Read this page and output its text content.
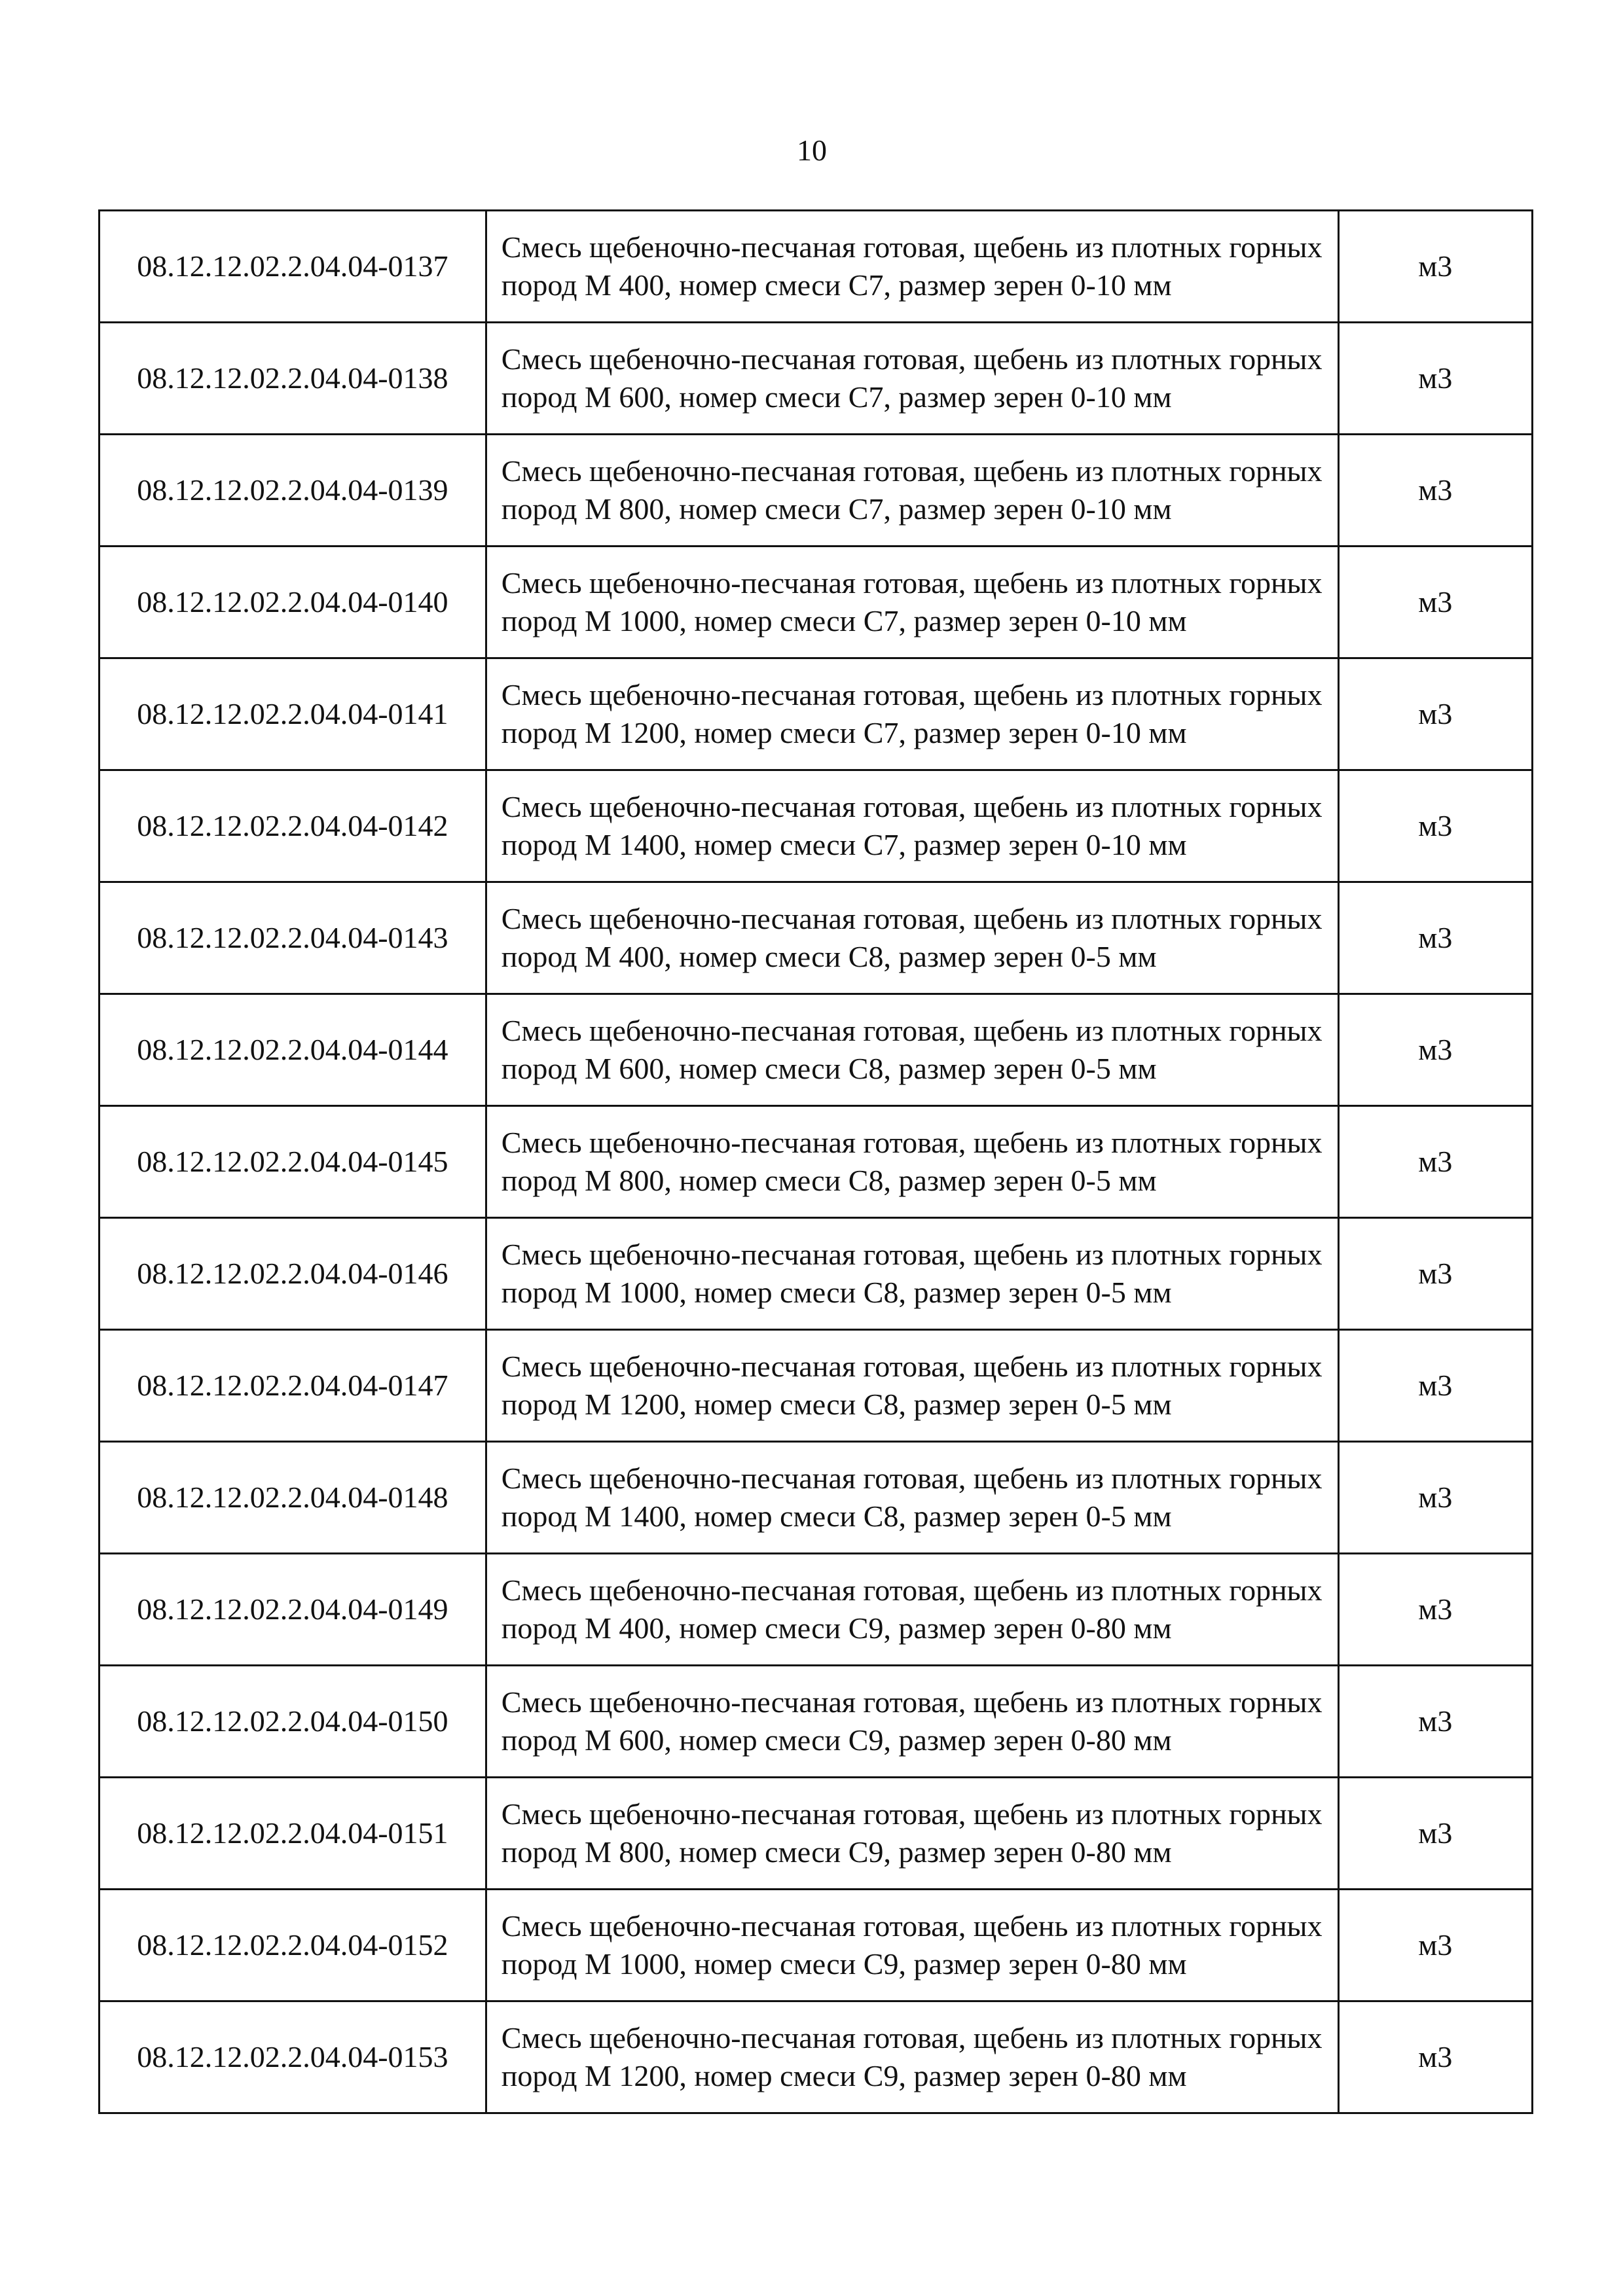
10
08.12.12.02.2.04.04-0137	Смесь щебеночно-песчаная готовая, щебень из плотных горных пород М 400, номер смеси С7, размер зерен 0-10 мм	м3
08.12.12.02.2.04.04-0138	Смесь щебеночно-песчаная готовая, щебень из плотных горных пород М 600, номер смеси С7, размер зерен 0-10 мм	м3
08.12.12.02.2.04.04-0139	Смесь щебеночно-песчаная готовая, щебень из плотных горных пород М 800, номер смеси С7, размер зерен 0-10 мм	м3
08.12.12.02.2.04.04-0140	Смесь щебеночно-песчаная готовая, щебень из плотных горных пород М 1000, номер смеси С7, размер зерен 0-10 мм	м3
08.12.12.02.2.04.04-0141	Смесь щебеночно-песчаная готовая, щебень из плотных горных пород М 1200, номер смеси С7, размер зерен 0-10 мм	м3
08.12.12.02.2.04.04-0142	Смесь щебеночно-песчаная готовая, щебень из плотных горных пород М 1400, номер смеси С7, размер зерен 0-10 мм	м3
08.12.12.02.2.04.04-0143	Смесь щебеночно-песчаная готовая, щебень из плотных горных пород М 400, номер смеси С8, размер зерен 0-5 мм	м3
08.12.12.02.2.04.04-0144	Смесь щебеночно-песчаная готовая, щебень из плотных горных пород М 600, номер смеси С8, размер зерен 0-5 мм	м3
08.12.12.02.2.04.04-0145	Смесь щебеночно-песчаная готовая, щебень из плотных горных пород М 800, номер смеси С8, размер зерен 0-5 мм	м3
08.12.12.02.2.04.04-0146	Смесь щебеночно-песчаная готовая, щебень из плотных горных пород М 1000, номер смеси С8, размер зерен 0-5 мм	м3
08.12.12.02.2.04.04-0147	Смесь щебеночно-песчаная готовая, щебень из плотных горных пород М 1200, номер смеси С8, размер зерен 0-5 мм	м3
08.12.12.02.2.04.04-0148	Смесь щебеночно-песчаная готовая, щебень из плотных горных пород М 1400, номер смеси С8, размер зерен 0-5 мм	м3
08.12.12.02.2.04.04-0149	Смесь щебеночно-песчаная готовая, щебень из плотных горных пород М 400, номер смеси С9, размер зерен 0-80 мм	м3
08.12.12.02.2.04.04-0150	Смесь щебеночно-песчаная готовая, щебень из плотных горных пород М 600, номер смеси С9, размер зерен 0-80 мм	м3
08.12.12.02.2.04.04-0151	Смесь щебеночно-песчаная готовая, щебень из плотных горных пород М 800, номер смеси С9, размер зерен 0-80 мм	м3
08.12.12.02.2.04.04-0152	Смесь щебеночно-песчаная готовая, щебень из плотных горных пород М 1000, номер смеси С9, размер зерен 0-80 мм	м3
08.12.12.02.2.04.04-0153	Смесь щебеночно-песчаная готовая, щебень из плотных горных пород М 1200, номер смеси С9, размер зерен 0-80 мм	м3
